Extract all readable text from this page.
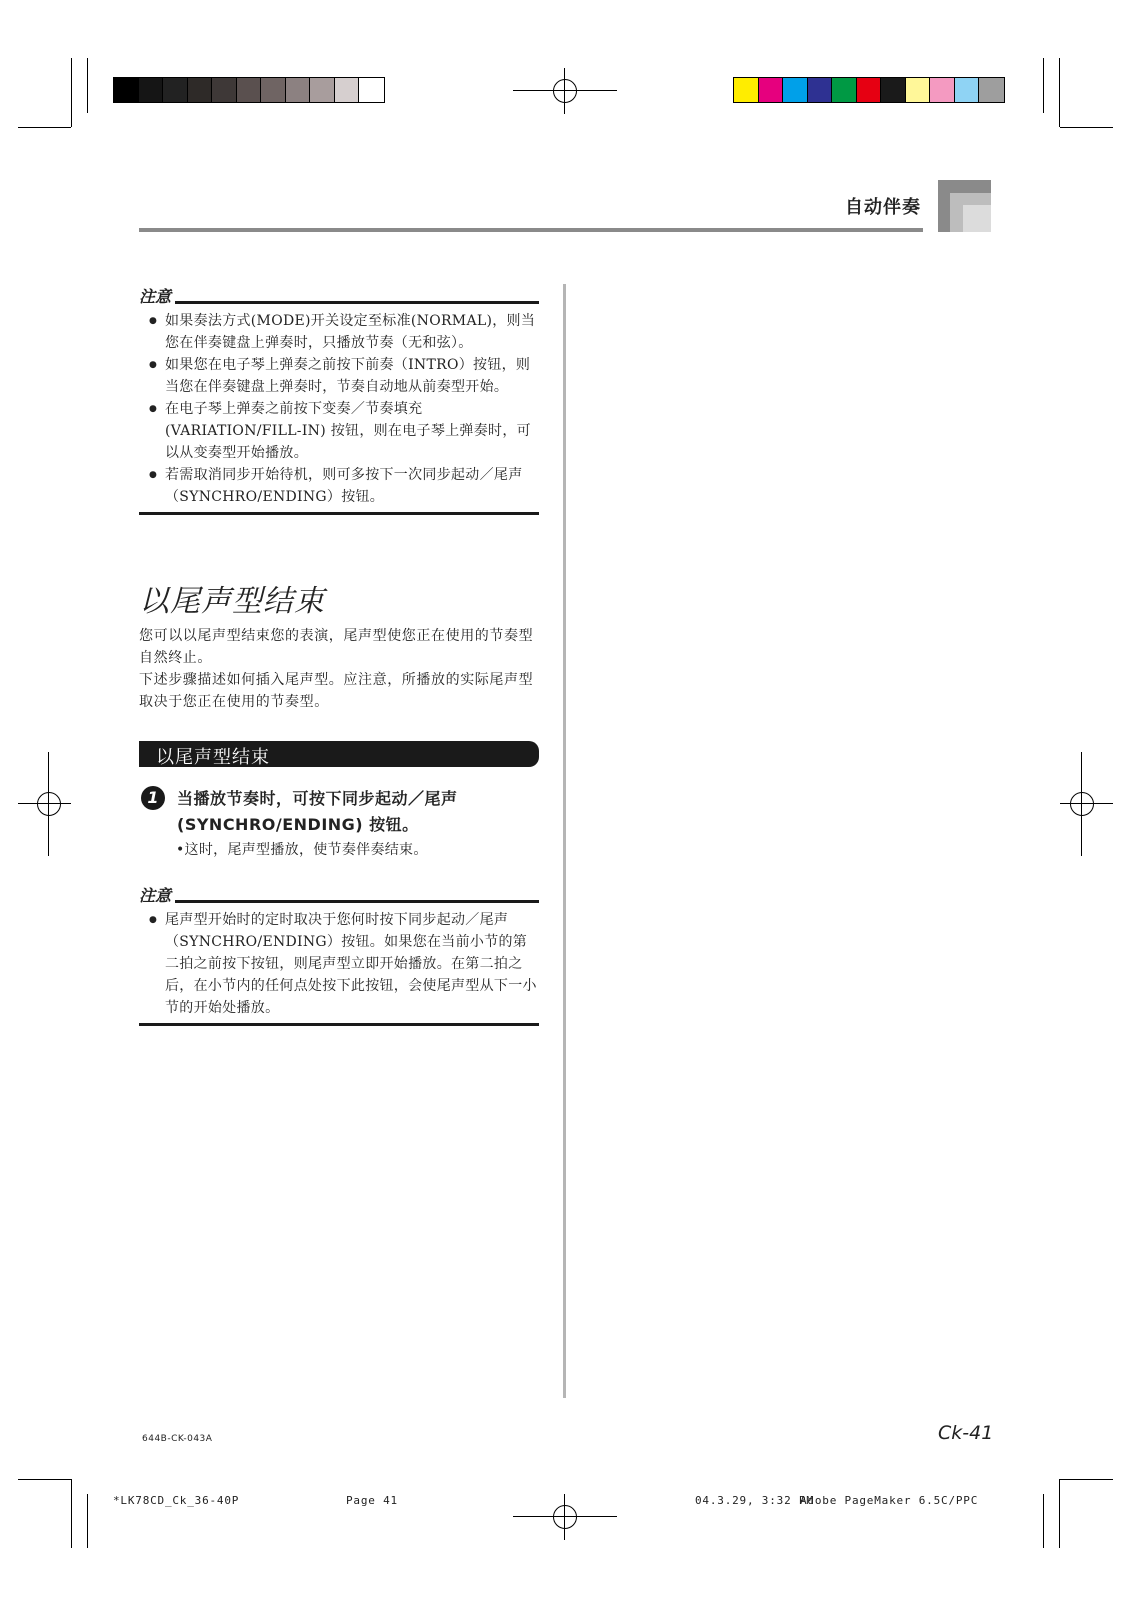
自动伴奏
注意
● 如果奏法方式(MODE)开关设定至标准(NORMAL)，则当您在伴奏键盘上弹奏时，只播放节奏（无和弦）。
● 如果您在电子琴上弹奏之前按下前奏（INTRO）按钮，则当您在伴奏键盘上弹奏时，节奏自动地从前奏型开始。
● 在电子琴上弹奏之前按下变奏／节奏填充 (VARIATION/FILL-IN) 按钮，则在电子琴上弹奏时，可以从变奏型开始播放。
● 若需取消同步开始待机，则可多按下一次同步起动／尾声（SYNCHRO/ENDING）按钮。
以尾声型结束
您可以以尾声型结束您的表演，尾声型使您正在使用的节奏型自然终止。
下述步骤描述如何插入尾声型。应注意，所播放的实际尾声型取决于您正在使用的节奏型。
以尾声型结束
1	当播放节奏时，可按下同步起动／尾声
(SYNCHRO/ENDING) 按钮。
•这时，尾声型播放，使节奏伴奏结束。
注意
● 尾声型开始时的定时取决于您何时按下同步起动／尾声（SYNCHRO/ENDING）按钮。如果您在当前小节的第二拍之前按下按钮，则尾声型立即开始播放。在第二拍之后，在小节内的任何点处按下此按钮，会使尾声型从下一小节的开始处播放。
644B-CK-043A	Ck-41
*LK78CD_Ck_36-40P	Page 41	04.3.29, 3:32 PM
Adobe PageMaker 6.5C/PPC
